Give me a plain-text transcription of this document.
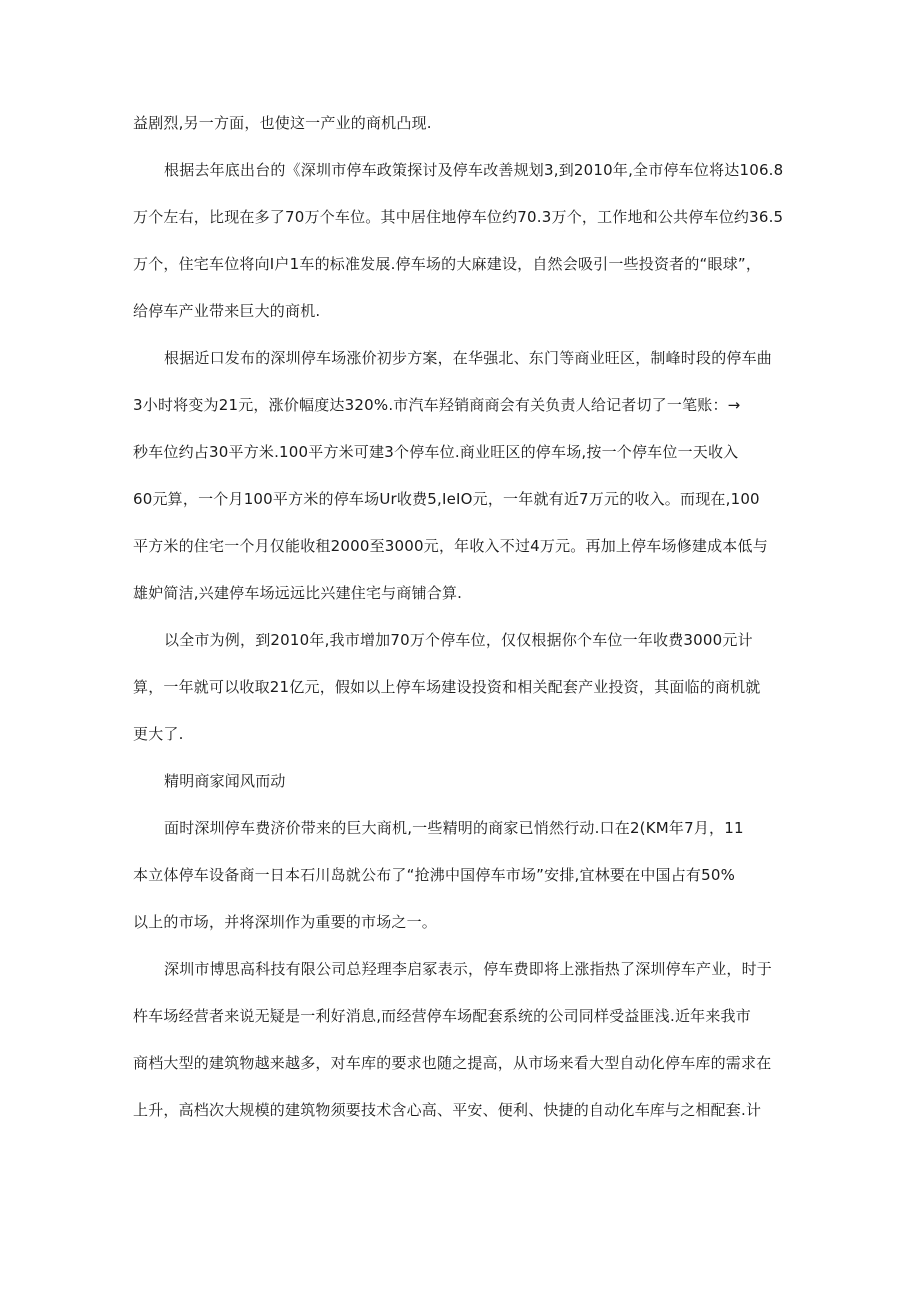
益剧烈,另一方面，也使这一产业的商机凸现.
根据去年底出台的《深圳市停车政策探讨及停车改善规划3,到2010年,全市停车位将达106.8
万个左右，比现在多了70万个车位。其中居住地停车位约70.3万个，工作地和公共停车位约36.5
万个，住宅车位将向I户1车的标准发展.停车场的大麻建设，自然会吸引一些投资者的“眼球”，
给停车产业带来巨大的商机.
根据近口发布的深圳停车场涨价初步方案，在华强北、东门等商业旺区，制峰时段的停车曲
3小时将变为21元，涨价幅度达320%.市汽车羟销商商会有关负责人给记者切了一笔账：→
秒车位约占30平方米.100平方米可建3个停车位.商业旺区的停车场,按一个停车位一天收入
60元算，一个月100平方米的停车场Ur收费5,IeIO元，一年就有近7万元的收入。而现在,100
平方米的住宅一个月仅能收租2000至3000元，年收入不过4万元。再加上停车场修建成本低与
雄妒简洁,兴建停车场远远比兴建住宅与商铺合算.
以全市为例，到2010年,我市增加70万个停车位，仅仅根据你个车位一年收费3000元计
算，一年就可以收取21亿元，假如以上停车场建设投资和相关配套产业投资，其面临的商机就
更大了.
精明商家闻风而动
面时深圳停车费济价带来的巨大商机,一些精明的商家已悄然行动.口在2(KM年7月，11
本立体停车设备商一日本石川岛就公布了“抢沸中国停车市场”安排,宜林要在中国占有50%
以上的市场，并将深圳作为重要的市场之一。
深圳市博思高科技有限公司总羟理李启冢表示，停车费即将上涨指热了深圳停车产业，时于
杵车场经营者来说无疑是一利好消息,而经营停车场配套系统的公司同样受益匪浅.近年来我市
商档大型的建筑物越来越多，对车库的要求也随之提高，从市场来看大型自动化停车库的需求在
上升，高档次大规模的建筑物须要技术含心高、平安、便利、快捷的自动化车库与之相配套.计
